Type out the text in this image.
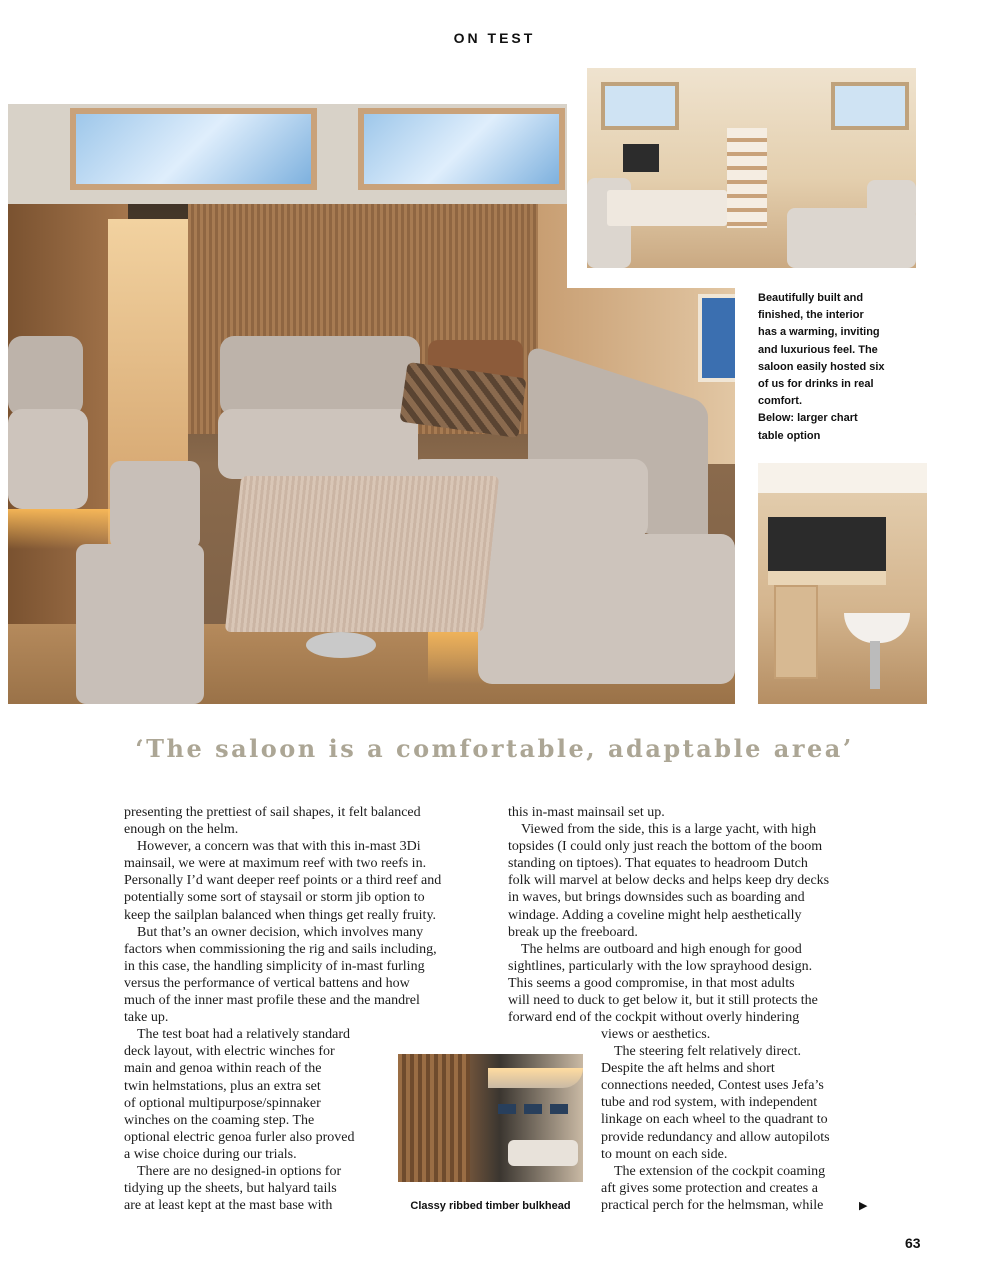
ON TEST
Beautifully built and
finished, the interior
has a warming, inviting
and luxurious feel. The
saloon easily hosted six
of us for drinks in real
comfort.
Below: larger chart
table option
‘The saloon is a comfortable, adaptable area’

presenting the prettiest of sail shapes, it felt balanced
enough on the helm.

However, a concern was that with this in-mast 3Di
mainsail, we were at maximum reef with two reefs in.
Personally I’d want deeper reef points or a third reef and
potentially some sort of staysail or storm jib option to
keep the sailplan balanced when things get really fruity.

But that’s an owner decision, which involves many
factors when commissioning the rig and sails including,
in this case, the handling simplicity of in-mast furling
versus the performance of vertical battens and how
much of the inner mast profile these and the mandrel
take up.

The test boat had a relatively standard
deck layout, with electric winches for
main and genoa within reach of the
twin helmstations, plus an extra set
of optional multipurpose/spinnaker
winches on the coaming step. The
optional electric genoa furler also proved
a wise choice during our trials.

There are no designed-in options for
tidying up the sheets, but halyard tails
are at least kept at the mast base with	Classy ribbed timber bulkhead

this in-mast mainsail set up.

Viewed from the side, this is a large yacht, with high
topsides (I could only just reach the bottom of the boom
standing on tiptoes). That equates to headroom Dutch
folk will marvel at below decks and helps keep dry decks
in waves, but brings downsides such as boarding and
windage. Adding a coveline might help aesthetically
break up the freeboard.

The helms are outboard and high enough for good
sightlines, particularly with the low sprayhood design.
This seems a good compromise, in that most adults
will need to duck to get below it, but it still protects the
forward end of the cockpit without overly hindering

views or aesthetics.

The steering felt relatively direct.
Despite the aft helms and short
connections needed, Contest uses Jefa’s
tube and rod system, with independent
linkage on each wheel to the quadrant to
provide redundancy and allow autopilots
to mount on each side.

The extension of the cockpit coaming
aft gives some protection and creates a
practical perch for the helmsman, while	▶
63
